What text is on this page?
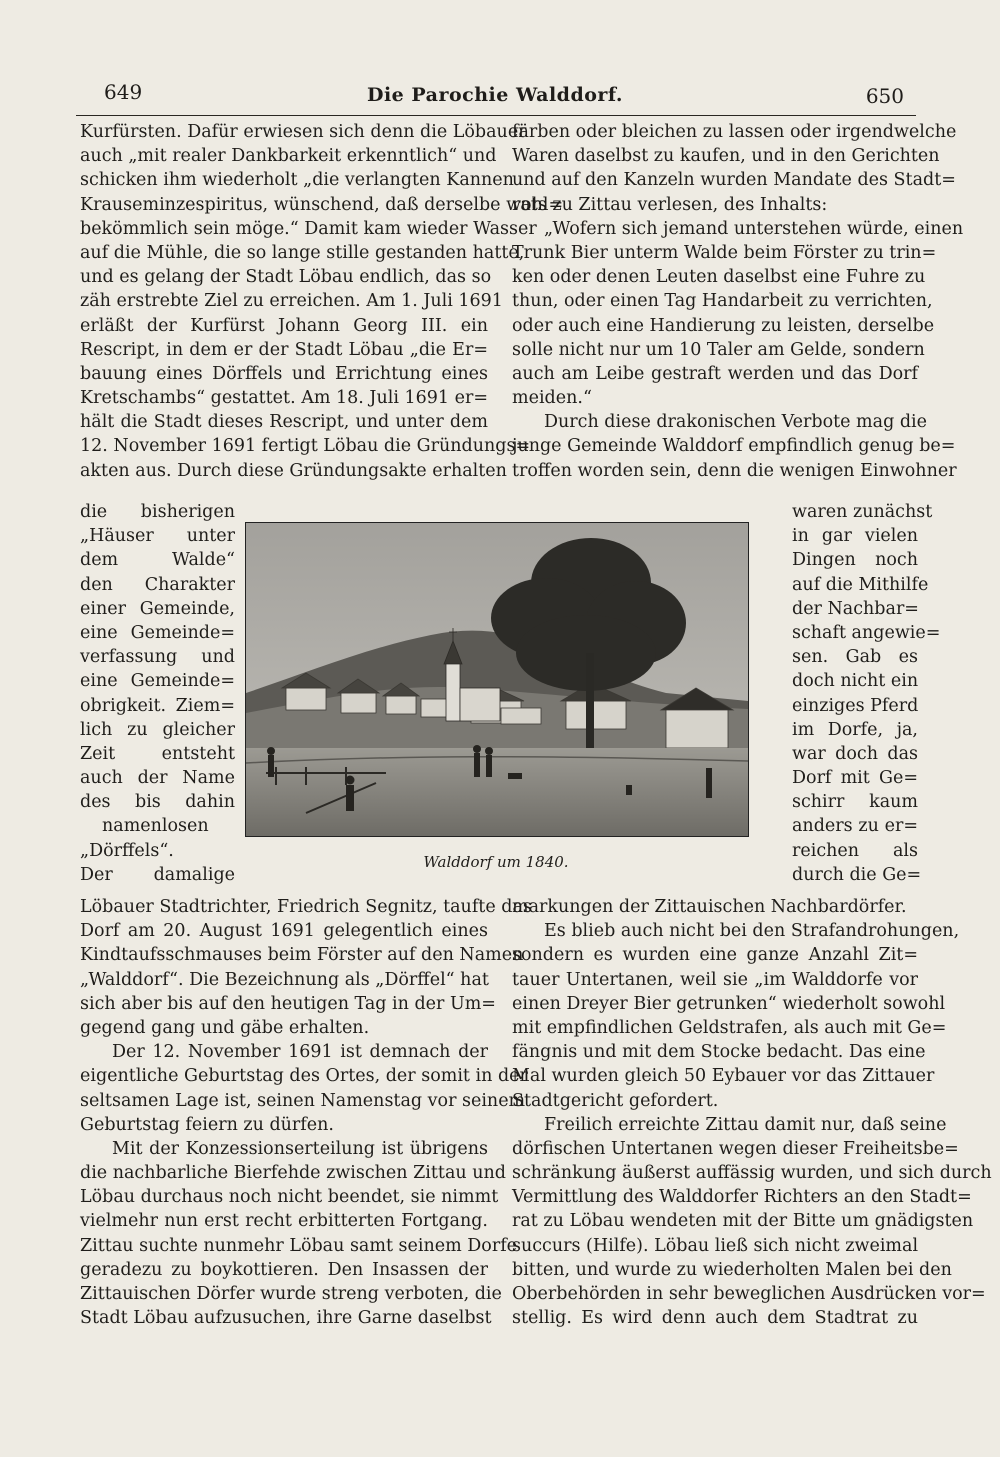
649	Die Parochie Walddorf.	650
Kurfürsten. Dafür erwiesen sich denn die Löbauer
auch „mit realer Dankbarkeit erkenntlich“ und
schicken ihm wiederholt „die verlangten Kannen
Krauseminzespiritus, wünschend, daß derselbe wohl=
bekömmlich sein möge.“ Damit kam wieder Wasser
auf die Mühle, die so lange stille gestanden hatte,
und es gelang der Stadt Löbau endlich, das so
zäh erstrebte Ziel zu erreichen. Am 1. Juli 1691
erläßt der Kurfürst Johann Georg III. ein
Rescript, in dem er der Stadt Löbau „die Er=
bauung eines Dörffels und Errichtung eines
Kretschambs“ gestattet. Am 18. Juli 1691 er=
hält die Stadt dieses Rescript, und unter dem
12. November 1691 fertigt Löbau die Gründungs=
akten aus. Durch diese Gründungsakte erhalten
die bisherigen
„Häuser unter
dem Walde“
den Charakter
einer Gemeinde,
eine Gemeinde=
verfassung und
eine Gemeinde=
obrigkeit. Ziem=
lich zu gleicher
Zeit entsteht
auch der Name
des bis dahin
namenlosen
„Dörffels“.
Der damalige
Löbauer Stadtrichter, Friedrich Segnitz, taufte das
Dorf am 20. August 1691 gelegentlich eines
Kindtaufsschmauses beim Förster auf den Namen
„Walddorf“. Die Bezeichnung als „Dörffel“ hat
sich aber bis auf den heutigen Tag in der Um=
gegend gang und gäbe erhalten.
Der 12. November 1691 ist demnach der
eigentliche Geburtstag des Ortes, der somit in der
seltsamen Lage ist, seinen Namenstag vor seinem
Geburtstag feiern zu dürfen.
Mit der Konzessionserteilung ist übrigens
die nachbarliche Bierfehde zwischen Zittau und
Löbau durchaus noch nicht beendet, sie nimmt
vielmehr nun erst recht erbitterten Fortgang.
Zittau suchte nunmehr Löbau samt seinem Dorfe
geradezu zu boykottieren. Den Insassen der
Zittauischen Dörfer wurde streng verboten, die
Stadt Löbau aufzusuchen, ihre Garne daselbst
färben oder bleichen zu lassen oder irgendwelche
Waren daselbst zu kaufen, und in den Gerichten
und auf den Kanzeln wurden Mandate des Stadt=
rats zu Zittau verlesen, des Inhalts:
„Wofern sich jemand unterstehen würde, einen
Trunk Bier unterm Walde beim Förster zu trin=
ken oder denen Leuten daselbst eine Fuhre zu
thun, oder einen Tag Handarbeit zu verrichten,
oder auch eine Handierung zu leisten, derselbe
solle nicht nur um 10 Taler am Gelde, sondern
auch am Leibe gestraft werden und das Dorf
meiden.“
Durch diese drakonischen Verbote mag die
junge Gemeinde Walddorf empfindlich genug be=
troffen worden sein, denn die wenigen Einwohner
waren zunächst
in gar vielen
Dingen noch
auf die Mithilfe
der Nachbar=
schaft angewie=
sen. Gab es
doch nicht ein
einziges Pferd
im Dorfe, ja,
war doch das
Dorf mit Ge=
schirr kaum
anders zu er=
reichen als
durch die Ge=
markungen der Zittauischen Nachbardörfer.
Es blieb auch nicht bei den Strafandrohungen,
sondern es wurden eine ganze Anzahl Zit=
tauer Untertanen, weil sie „im Walddorfe vor
einen Dreyer Bier getrunken“ wiederholt sowohl
mit empfindlichen Geldstrafen, als auch mit Ge=
fängnis und mit dem Stocke bedacht. Das eine
Mal wurden gleich 50 Eybauer vor das Zittauer
Stadtgericht gefordert.
Freilich erreichte Zittau damit nur, daß seine
dörfischen Untertanen wegen dieser Freiheitsbe=
schränkung äußerst auffässig wurden, und sich durch
Vermittlung des Walddorfer Richters an den Stadt=
rat zu Löbau wendeten mit der Bitte um gnädigsten
succurs (Hilfe). Löbau ließ sich nicht zweimal
bitten, und wurde zu wiederholten Malen bei den
Oberbehörden in sehr beweglichen Ausdrücken vor=
stellig. Es wird denn auch dem Stadtrat zu
Walddorf um 1840.
